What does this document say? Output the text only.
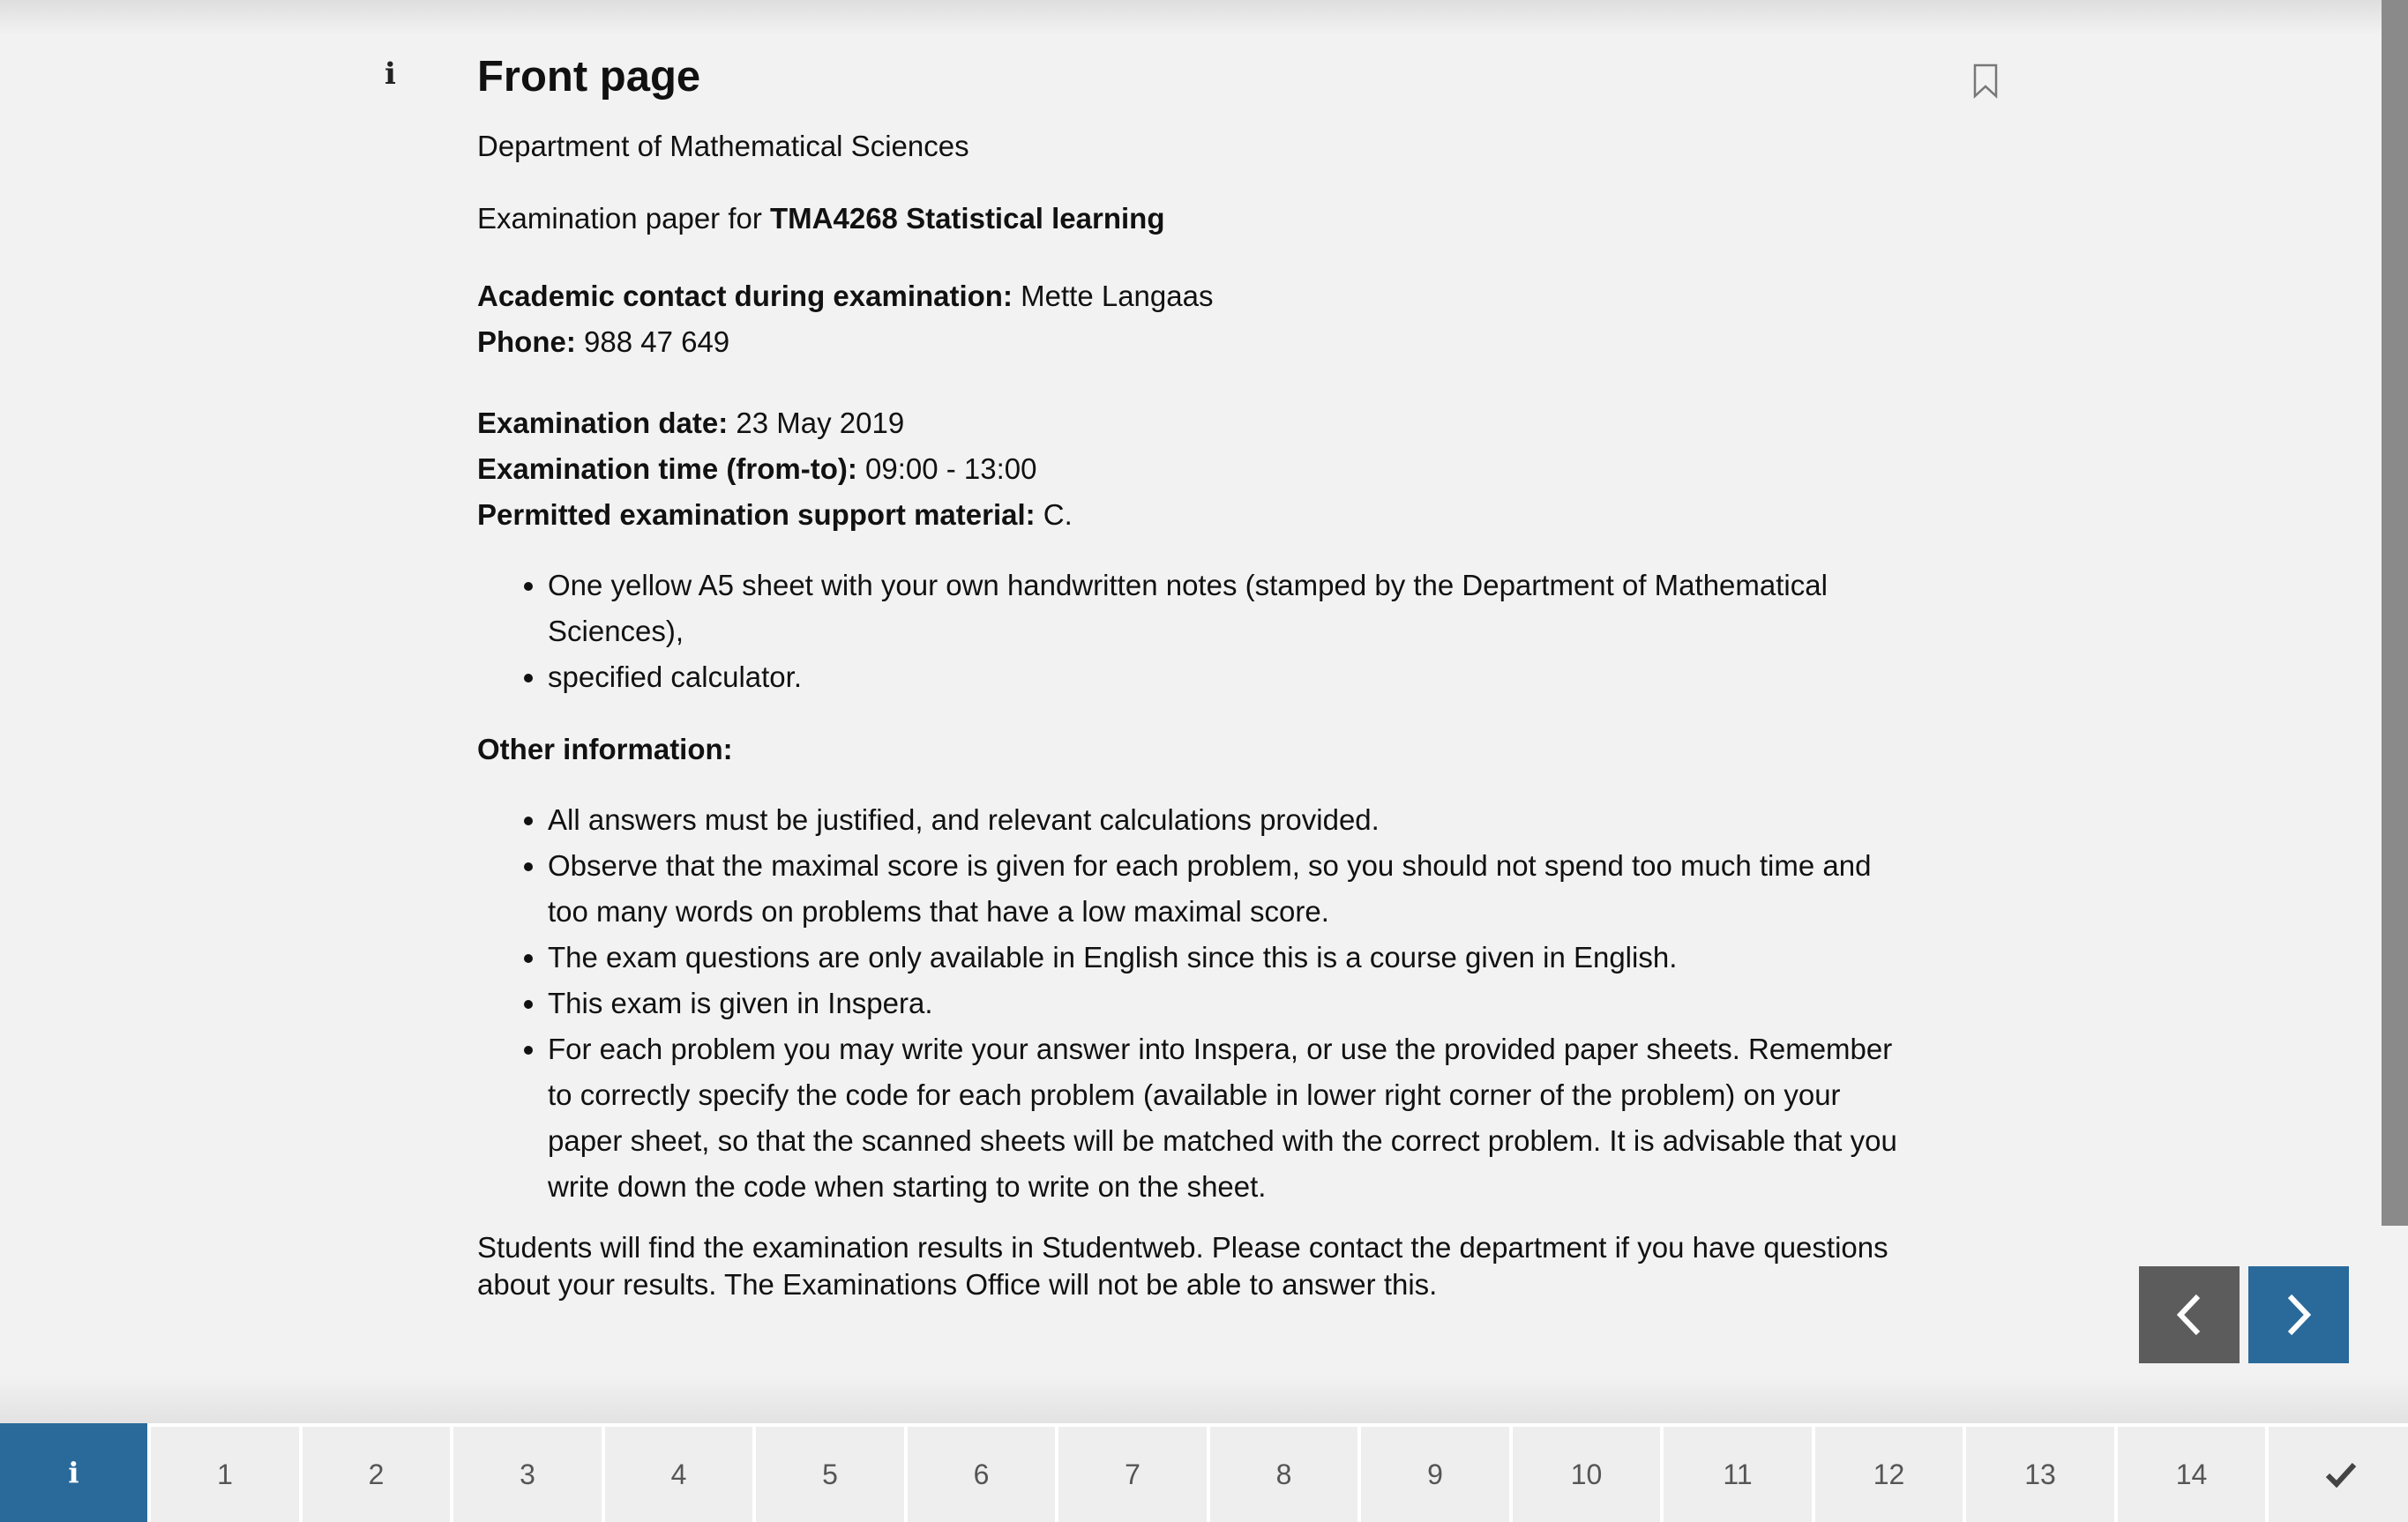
i Front page

Department of Mathematical Sciences

Examination paper for TMA4268 Statistical learning

Academic contact during examination: Mette Langaas

Phone: 988 47 649

Examination date: 23 May 2019

Examination time (from-to): 09:00 - 13:00

Permitted examination support material: C.

• One yellow A5 sheet with your own handwritten notes (stamped by the Department of Mathematical Sciences),
• specified calculator.

Other information:

• All answers must be justified, and relevant calculations provided.
• Observe that the maximal score is given for each problem, so you should not spend too much time and too many words on problems that have a low maximal score.
• The exam questions are only available in English since this is a course given in English.
• This exam is given in Inspera.
• For each problem you may write your answer into Inspera, or use the provided paper sheets. Remember to correctly specify the code for each problem (available in lower right corner of the problem) on your paper sheet, so that the scanned sheets will be matched with the correct problem. It is advisable that you write down the code when starting to write on the sheet.

Students will find the examination results in Studentweb. Please contact the department if you have questions about your results. The Examinations Office will not be able to answer this.

i	1	2	3	4	5	6	7	8	9	10	11	12	13	14
